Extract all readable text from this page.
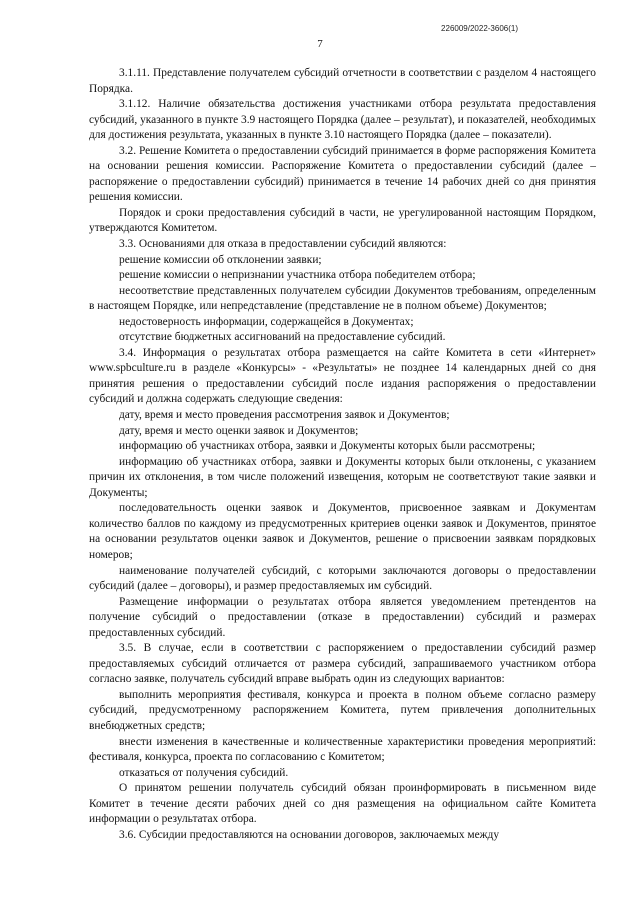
226009/2022-3606(1)
7

3.1.11. Представление получателем субсидий отчетности в соответствии с разделом 4 настоящего Порядка.

3.1.12. Наличие обязательства достижения участниками отбора результата предоставления субсидий, указанного в пункте 3.9 настоящего Порядка (далее – результат), и показателей, необходимых для достижения результата, указанных в пункте 3.10 настоящего Порядка (далее – показатели).

3.2. Решение Комитета о предоставлении субсидий принимается в форме распоряжения Комитета на основании решения комиссии. Распоряжение Комитета о предоставлении субсидий (далее – распоряжение о предоставлении субсидий) принимается в течение 14 рабочих дней со дня принятия решения комиссии.

Порядок и сроки предоставления субсидий в части, не урегулированной настоящим Порядком, утверждаются Комитетом.

3.3. Основаниями для отказа в предоставлении субсидий являются:

решение комиссии об отклонении заявки;

решение комиссии о непризнании участника отбора победителем отбора;

несоответствие представленных получателем субсидии Документов требованиям, определенным в настоящем Порядке, или непредставление (представление не в полном объеме) Документов;

недостоверность информации, содержащейся в Документах;

отсутствие бюджетных ассигнований на предоставление субсидий.

3.4. Информация о результатах отбора размещается на сайте Комитета в сети «Интернет» www.spbculture.ru в разделе «Конкурсы» - «Результаты» не позднее 14 календарных дней со дня принятия решения о предоставлении субсидий после издания распоряжения о предоставлении субсидий и должна содержать следующие сведения:

дату, время и место проведения рассмотрения заявок и Документов;

дату, время и место оценки заявок и Документов;

информацию об участниках отбора, заявки и Документы которых были рассмотрены;

информацию об участниках отбора, заявки и Документы которых были отклонены, с указанием причин их отклонения, в том числе положений извещения, которым не соответствуют такие заявки и Документы;

последовательность оценки заявок и Документов, присвоенное заявкам и Документам количество баллов по каждому из предусмотренных критериев оценки заявок и Документов, принятое на основании результатов оценки заявок и Документов, решение о присвоении заявкам порядковых номеров;

наименование получателей субсидий, с которыми заключаются договоры о предоставлении субсидий (далее – договоры), и размер предоставляемых им субсидий.

Размещение информации о результатах отбора является уведомлением претендентов на получение субсидий о предоставлении (отказе в предоставлении) субсидий и размерах предоставленных субсидий.

3.5. В случае, если в соответствии с распоряжением о предоставлении субсидий размер предоставляемых субсидий отличается от размера субсидий, запрашиваемого участником отбора согласно заявке, получатель субсидий вправе выбрать один из следующих вариантов:

выполнить мероприятия фестиваля, конкурса и проекта в полном объеме согласно размеру субсидий, предусмотренному распоряжением Комитета, путем привлечения дополнительных внебюджетных средств;

внести изменения в качественные и количественные характеристики проведения мероприятий: фестиваля, конкурса, проекта по согласованию с Комитетом;

отказаться от получения субсидий.

О принятом решении получатель субсидий обязан проинформировать в письменном виде Комитет в течение десяти рабочих дней со дня размещения на официальном сайте Комитета информации о результатах отбора.

3.6. Субсидии предоставляются на основании договоров, заключаемых между
